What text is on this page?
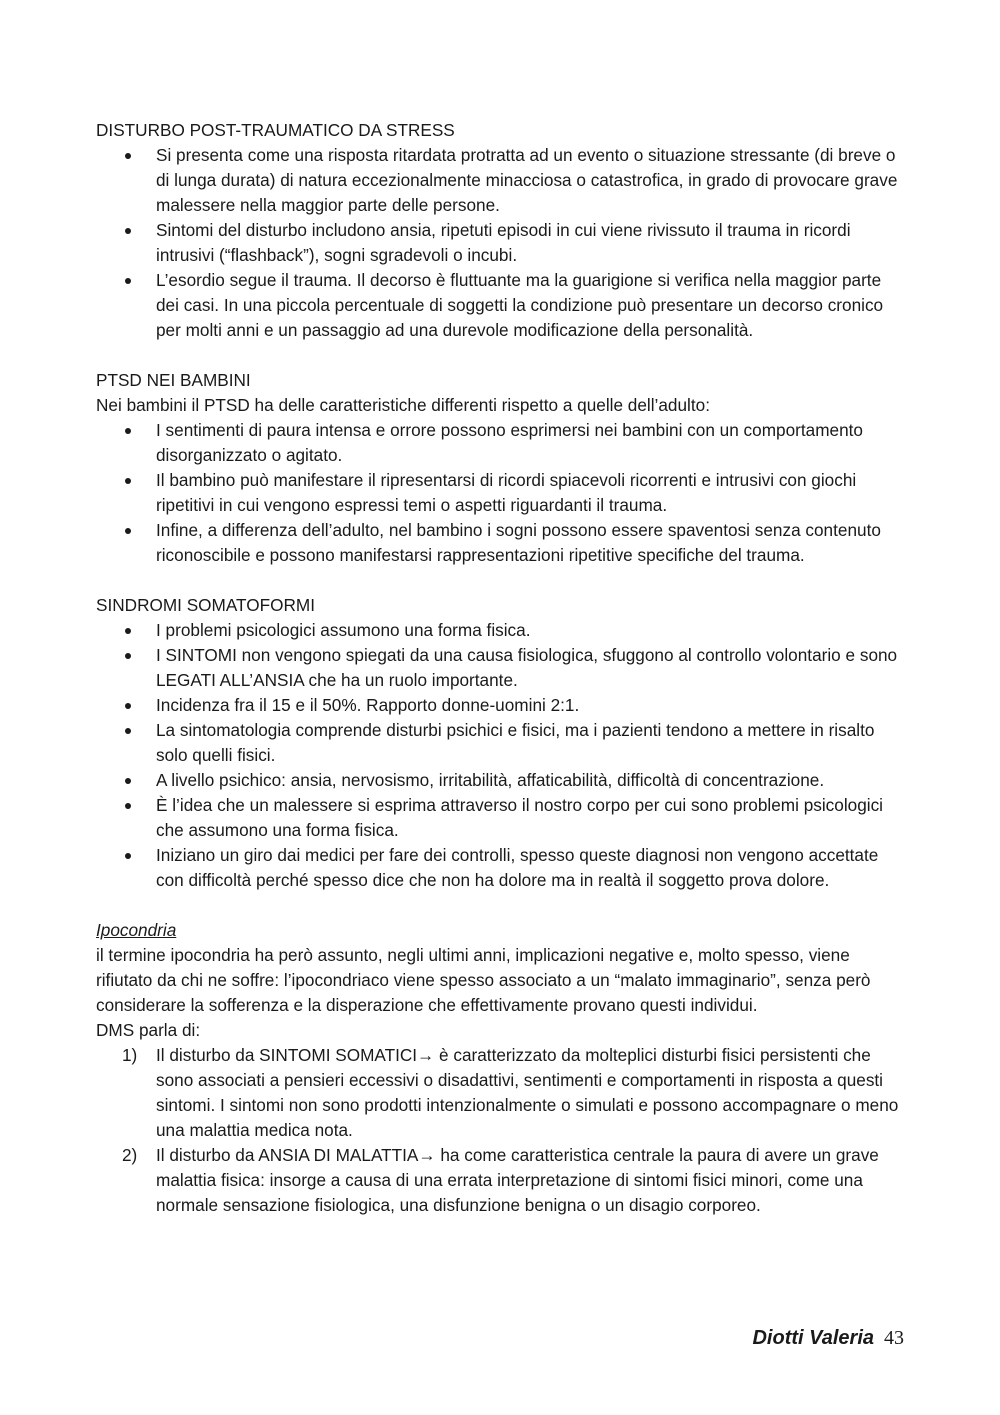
DISTURBO POST-TRAUMATICO DA STRESS

Si presenta come una risposta ritardata protratta ad un evento o situazione stressante (di breve o di lunga durata) di natura eccezionalmente minacciosa o catastrofica, in grado di provocare grave malessere nella maggior parte delle persone.
Sintomi del disturbo includono ansia, ripetuti episodi in cui viene rivissuto il trauma in ricordi intrusivi (“flashback”), sogni sgradevoli o incubi.
L’esordio segue il trauma. Il decorso è fluttuante ma la guarigione si verifica nella maggior parte dei casi. In una piccola percentuale di soggetti la condizione può presentare un decorso cronico per molti anni e un passaggio ad una durevole modificazione della personalità.

PTSD NEI BAMBINI

Nei bambini il PTSD ha delle caratteristiche differenti rispetto a quelle dell’adulto:

I sentimenti di paura intensa e orrore possono esprimersi nei bambini con un comportamento disorganizzato o agitato.
Il bambino può manifestare il ripresentarsi di ricordi spiacevoli ricorrenti e intrusivi con giochi ripetitivi in cui vengono espressi temi o aspetti riguardanti il trauma.
Infine, a differenza dell’adulto, nel bambino i sogni possono essere spaventosi senza contenuto riconoscibile e possono manifestarsi rappresentazioni ripetitive specifiche del trauma.

SINDROMI SOMATOFORMI

I problemi psicologici assumono una forma fisica.
I SINTOMI non vengono spiegati da una causa fisiologica, sfuggono al controllo volontario e sono LEGATI ALL’ANSIA che ha un ruolo importante.
Incidenza fra il 15 e il 50%. Rapporto donne-uomini 2:1.
La sintomatologia comprende disturbi psichici e fisici, ma i pazienti tendono a mettere in risalto solo quelli fisici.
A livello psichico: ansia, nervosismo, irritabilità, affaticabilità, difficoltà di concentrazione.
È l’idea che un malessere si esprima attraverso il nostro corpo per cui sono problemi psicologici che assumono una forma fisica.
Iniziano un giro dai medici per fare dei controlli, spesso queste diagnosi non vengono accettate con difficoltà perché spesso dice che non ha dolore ma in realtà il soggetto prova dolore.

Ipocondria

il termine ipocondria ha però assunto, negli ultimi anni, implicazioni negative e, molto spesso, viene rifiutato da chi ne soffre: l’ipocondriaco viene spesso associato a un “malato immaginario”, senza però considerare la sofferenza e la disperazione che effettivamente provano questi individui.

DMS parla di:

1) Il disturbo da SINTOMI SOMATICI→ è caratterizzato da molteplici disturbi fisici persistenti che sono associati a pensieri eccessivi o disadattivi, sentimenti e comportamenti in risposta a questi sintomi. I sintomi non sono prodotti intenzionalmente o simulati e possono accompagnare o meno una malattia medica nota.
2) Il disturbo da ANSIA DI MALATTIA→ ha come caratteristica centrale la paura di avere un grave malattia fisica: insorge a causa di una errata interpretazione di sintomi fisici minori, come una normale sensazione fisiologica, una disfunzione benigna o un disagio corporeo.
Diotti Valeria 43
